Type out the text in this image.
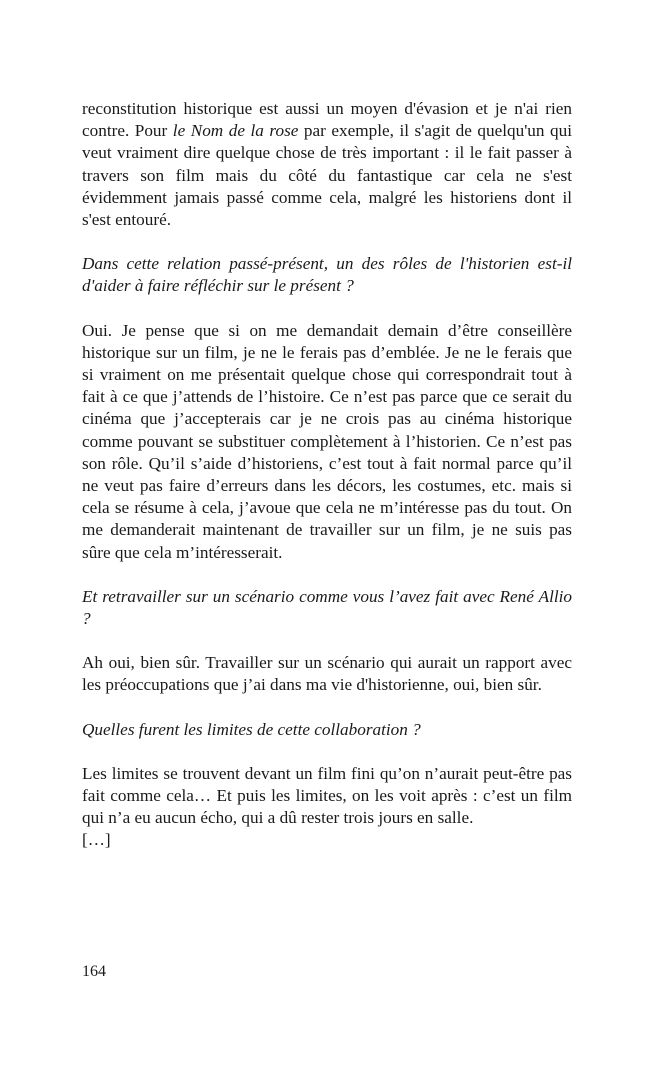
reconstitution historique est aussi un moyen d'évasion et je n'ai rien contre. Pour le Nom de la rose par exemple, il s'agit de quelqu'un qui veut vraiment dire quelque chose de très important : il le fait passer à travers son film mais du côté du fantastique car cela ne s'est évidemment jamais passé comme cela, malgré les historiens dont il s'est entouré.

Dans cette relation passé-présent, un des rôles de l'historien est-il d'aider à faire réfléchir sur le présent ?

Oui. Je pense que si on me demandait demain d’être conseillère historique sur un film, je ne le ferais pas d’emblée. Je ne le ferais que si vraiment on me présentait quelque chose qui correspondrait tout à fait à ce que j’attends de l’histoire. Ce n’est pas parce que ce serait du cinéma que j’accepterais car je ne crois pas au cinéma historique comme pouvant se substituer complètement à l’historien. Ce n’est pas son rôle. Qu’il s’aide d’historiens, c’est tout à fait normal parce qu’il ne veut pas faire d’erreurs dans les décors, les costumes, etc. mais si cela se résume à cela, j’avoue que cela ne m’intéresse pas du tout. On me demanderait maintenant de travailler sur un film, je ne suis pas sûre que cela m’intéresserait.

Et retravailler sur un scénario comme vous l’avez fait avec René Allio ?

Ah oui, bien sûr. Travailler sur un scénario qui aurait un rapport avec les préoccupations que j’ai dans ma vie d'historienne, oui, bien sûr.

Quelles furent les limites de cette collaboration ?

Les limites se trouvent devant un film fini qu’on n’aurait peut-être pas fait comme cela… Et puis les limites, on les voit après : c’est un film qui n’a eu aucun écho, qui a dû rester trois jours en salle.

[…]

164
